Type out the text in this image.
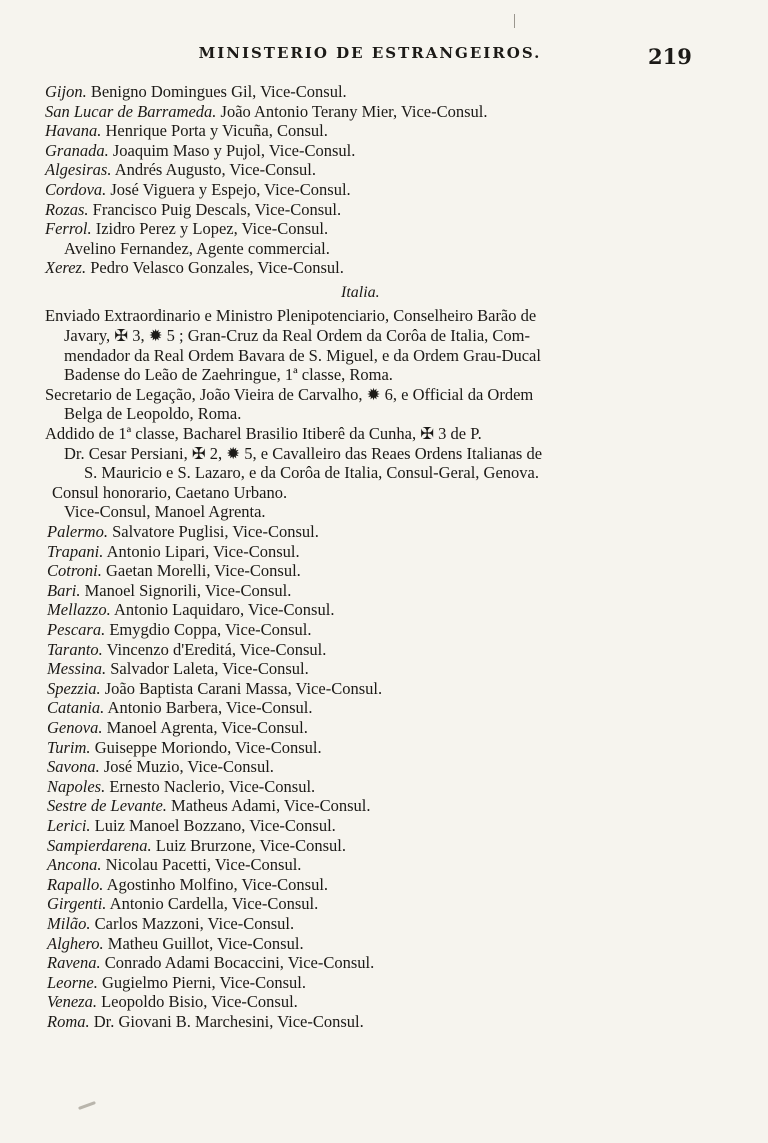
MINISTERIO DE ESTRANGEIROS.	219
Gijon. Benigno Domingues Gil, Vice-Consul.
San Lucar de Barrameda. João Antonio Terany Mier, Vice-Consul.
Havana. Henrique Porta y Vicuña, Consul.
Granada. Joaquim Maso y Pujol, Vice-Consul.
Algesiras. Andrés Augusto, Vice-Consul.
Cordova. José Viguera y Espejo, Vice-Consul.
Rozas. Francisco Puig Descals, Vice-Consul.
Ferrol. Izidro Perez y Lopez, Vice-Consul.
Avelino Fernandez, Agente commercial.
Xerez. Pedro Velasco Gonzales, Vice-Consul.
Italia.
Enviado Extraordinario e Ministro Plenipotenciario, Conselheiro Barão de
Javary, ✠ 3, ✹ 5 ; Gran-Cruz da Real Ordem da Corôa de Italia, Com-
mendador da Real Ordem Bavara de S. Miguel, e da Ordem Grau-Ducal
Badense do Leão de Zaehringue, 1ª classe, Roma.
Secretario de Legação, João Vieira de Carvalho, ✹ 6, e Official da Ordem
Belga de Leopoldo, Roma.
Addido de 1ª classe, Bacharel Brasilio Itiberê da Cunha, ✠ 3 de P.
Dr. Cesar Persiani, ✠ 2, ✹ 5, e Cavalleiro das Reaes Ordens Italianas de
S. Mauricio e S. Lazaro, e da Corôa de Italia, Consul-Geral, Genova.
Consul honorario, Caetano Urbano.
Vice-Consul, Manoel Agrenta.
Palermo. Salvatore Puglisi, Vice-Consul.
Trapani. Antonio Lipari, Vice-Consul.
Cotroni. Gaetan Morelli, Vice-Consul.
Bari. Manoel Signorili, Vice-Consul.
Mellazzo. Antonio Laquidaro, Vice-Consul.
Pescara. Emygdio Coppa, Vice-Consul.
Taranto. Vincenzo d'Ereditá, Vice-Consul.
Messina. Salvador Laleta, Vice-Consul.
Spezzia. João Baptista Carani Massa, Vice-Consul.
Catania. Antonio Barbera, Vice-Consul.
Genova. Manoel Agrenta, Vice-Consul.
Turim. Guiseppe Moriondo, Vice-Consul.
Savona. José Muzio, Vice-Consul.
Napoles. Ernesto Naclerio, Vice-Consul.
Sestre de Levante. Matheus Adami, Vice-Consul.
Lerici. Luiz Manoel Bozzano, Vice-Consul.
Sampierdarena. Luiz Brurzone, Vice-Consul.
Ancona. Nicolau Pacetti, Vice-Consul.
Rapallo. Agostinho Molfino, Vice-Consul.
Girgenti. Antonio Cardella, Vice-Consul.
Milão. Carlos Mazzoni, Vice-Consul.
Alghero. Matheu Guillot, Vice-Consul.
Ravena. Conrado Adami Bocaccini, Vice-Consul.
Leorne. Gugielmo Pierni, Vice-Consul.
Veneza. Leopoldo Bisio, Vice-Consul.
Roma. Dr. Giovani B. Marchesini, Vice-Consul.
